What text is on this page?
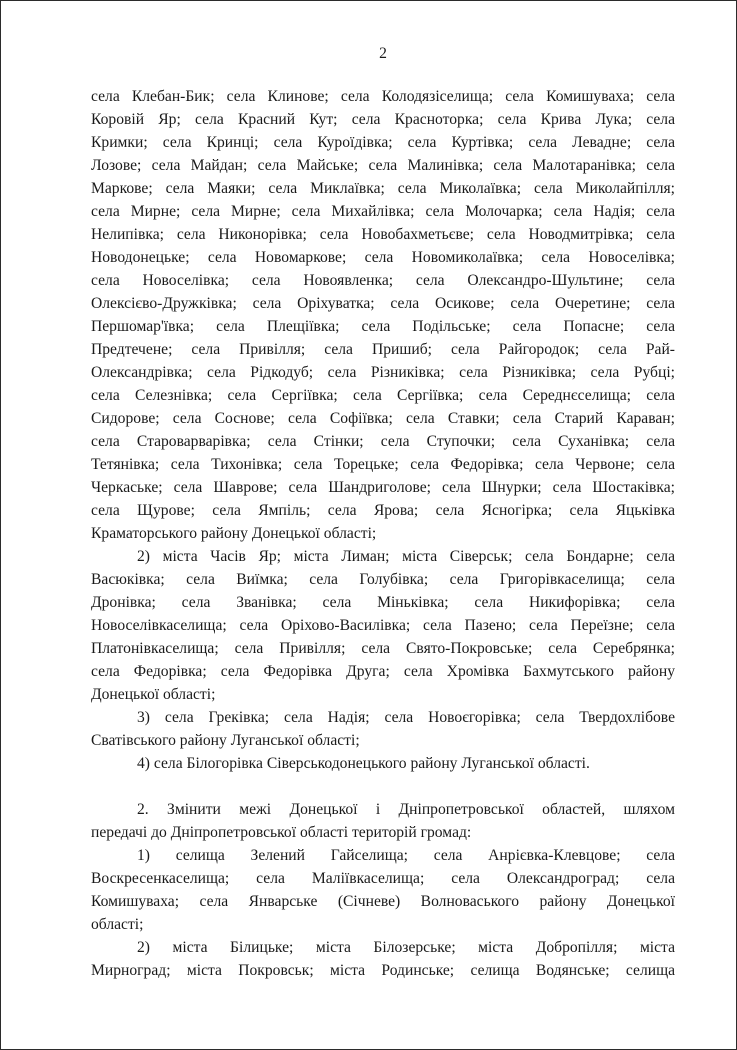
2
села Клебан-Бик; села Клинове; села Колодязіселища; села Комишуваха; села
Коровій Яр; села Красний Кут; села Красноторка; села Крива Лука; села
Кримки; села Кринці; села Куроїдівка; села Куртівка; села Левадне; села
Лозове; села Майдан; села Майське; села Малинівка; села Малотаранівка; села
Маркове; села Маяки; села Миклаївка; села Миколаївка; села Миколайпілля;
села Мирне; села Мирне; села Михайлівка; села Молочарка; села Надія; села
Нелипівка; села Никонорівка; села Новобахметьєве; села Новодмитрівка; села
Новодонецьке; села Новомаркове; села Новомиколаївка; села Новоселівка;
села Новоселівка; села Новоявленка; села Олександро-Шультине; села
Олексієво-Дружківка; села Оріхуватка; села Осикове; села Очеретине; села
Першомар'ївка; села Плещіївка; села Подільське; села Попасне; села
Предтечене; села Привілля; села Пришиб; села Райгородок; села Рай-
Олександрівка; села Рідкодуб; села Різниківка; села Різниківка; села Рубці;
села Селезнівка; села Сергіївка; села Сергіївка; села Середнєселища; села
Сидорове; села Соснове; села Софіївка; села Ставки; села Старий Караван;
села Староварварівка; села Стінки; села Ступочки; села Суханівка; села
Тетянівка; села Тихонівка; села Торецьке; села Федорівка; села Червоне; села
Черкаське; села Шаврове; села Шандриголове; села Шнурки; села Шостаківка;
села Щурове; села Ямпіль; села Ярова; села Ясногірка; села Яцьківка
Краматорського району Донецької області;
2) міста Часів Яр; міста Лиман; міста Сіверськ; села Бондарне; села
Васюківка; села Виїмка; села Голубівка; села Григорівкаселища; села
Дронівка; села Званівка; села Міньківка; села Никифорівка; села
Новоселівкаселища; села Оріхово-Василівка; села Пазено; села Переїзне; села
Платонівкаселища; села Привілля; села Свято-Покровське; села Серебрянка;
села Федорівка; села Федорівка Друга; села Хромівка Бахмутського району
Донецької області;
3) села Греківка; села Надія; села Новоєгорівка; села Твердохлібове
Сватівського району Луганської області;
4) села Білогорівка Сіверськодонецького району Луганської області.
2. Змінити межі Донецької і Дніпропетровської областей, шляхом
передачі до Дніпропетровської області територій громад:
1) селища Зелений Гайселища; села Анрієвка-Клевцове; села
Воскресенкаселища; села Маліївкаселища; села Олександроград; села
Комишуваха; села Январське (Січневе) Волноваського району Донецької
області;
2) міста Білицьке; міста Білозерське; міста Добропілля; міста
Мирноград; міста Покровськ; міста Родинське; селища Водянське; селища
